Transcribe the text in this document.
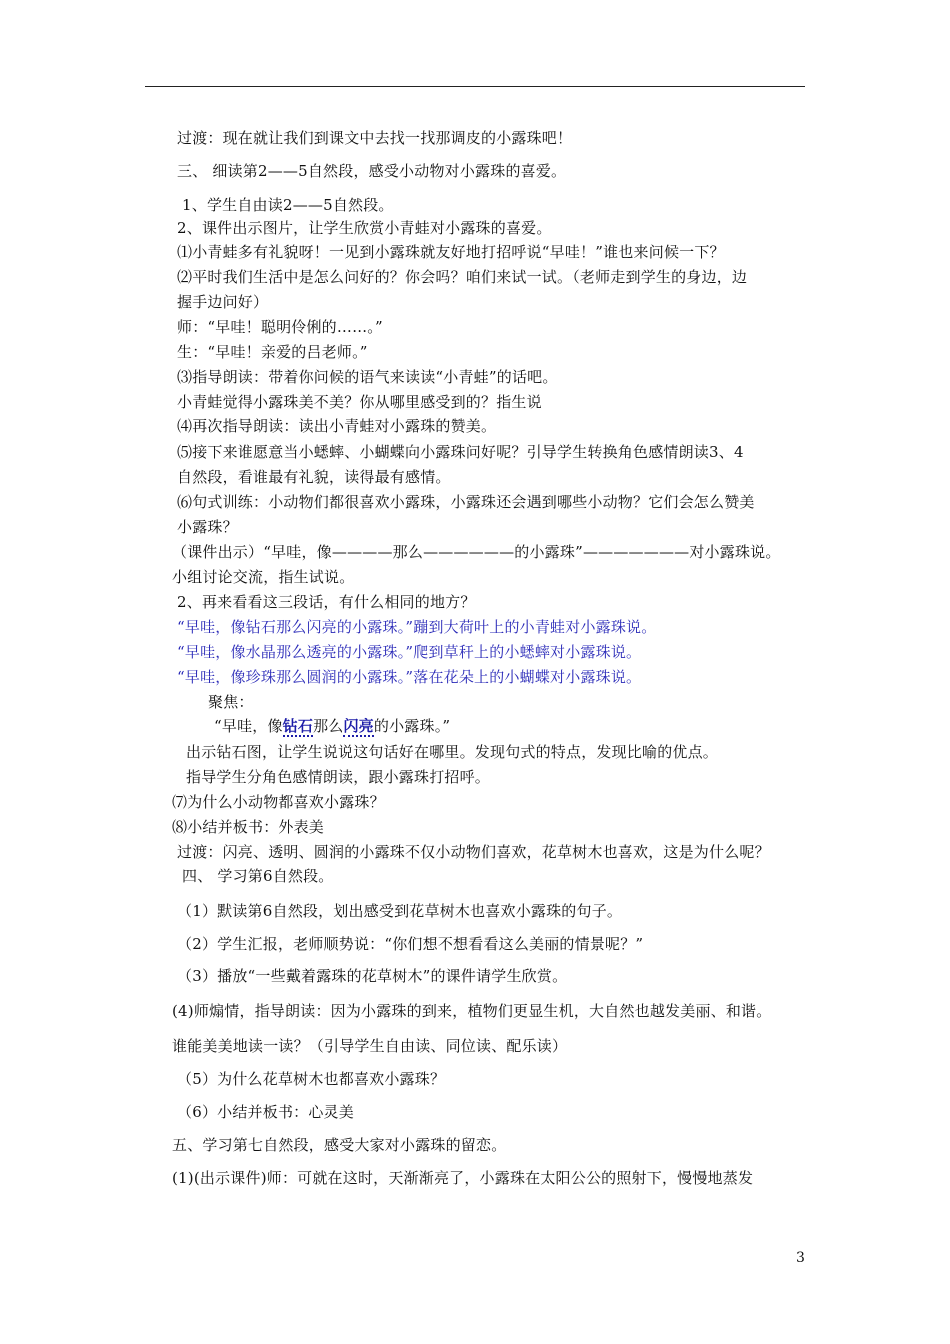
过渡：现在就让我们到课文中去找一找那调皮的小露珠吧！
三、 细读第2——5自然段，感受小动物对小露珠的喜爱。
1、学生自由读2——5自然段。
2、课件出示图片，让学生欣赏小青蛙对小露珠的喜爱。
⑴小青蛙多有礼貌呀！一见到小露珠就友好地打招呼说“早哇！”谁也来问候一下？
⑵平时我们生活中是怎么问好的？你会吗？咱们来试一试。（老师走到学生的身边，边
握手边问好）
师：“早哇！聪明伶俐的……。”
生：“早哇！亲爱的吕老师。”
⑶指导朗读：带着你问候的语气来读读“小青蛙”的话吧。
小青蛙觉得小露珠美不美？你从哪里感受到的？指生说
⑷再次指导朗读：读出小青蛙对小露珠的赞美。
⑸接下来谁愿意当小蟋蟀、小蝴蝶向小露珠问好呢？引导学生转换角色感情朗读3、4
自然段，看谁最有礼貌，读得最有感情。
⑹句式训练：小动物们都很喜欢小露珠，小露珠还会遇到哪些小动物？它们会怎么赞美
小露珠？
（课件出示）“早哇，像————那么——————的小露珠”———————对小露珠说。
小组讨论交流，指生试说。
2、再来看看这三段话，有什么相同的地方？
“早哇，像钻石那么闪亮的小露珠。”蹦到大荷叶上的小青蛙对小露珠说。
“早哇，像水晶那么透亮的小露珠。”爬到草秆上的小蟋蟀对小露珠说。
“早哇，像珍珠那么圆润的小露珠。”落在花朵上的小蝴蝶对小露珠说。
聚焦：
“早哇，像钻石那么闪亮的小露珠。”
出示钻石图，让学生说说这句话好在哪里。发现句式的特点，发现比喻的优点。
指导学生分角色感情朗读，跟小露珠打招呼。
⑺为什么小动物都喜欢小露珠？
⑻小结并板书：外表美
过渡：闪亮、透明、圆润的小露珠不仅小动物们喜欢，花草树木也喜欢，这是为什么呢？
四、 学习第6自然段。
（1）默读第6自然段，划出感受到花草树木也喜欢小露珠的句子。
（2）学生汇报，老师顺势说：“你们想不想看看这么美丽的情景呢？”
（3）播放“一些戴着露珠的花草树木”的课件请学生欣赏。
(4)师煽情，指导朗读：因为小露珠的到来，植物们更显生机，大自然也越发美丽、和谐。
谁能美美地读一读？（引导学生自由读、同位读、配乐读）
（5）为什么花草树木也都喜欢小露珠？
（6）小结并板书：心灵美
五、学习第七自然段，感受大家对小露珠的留恋。
(1)(出示课件)师：可就在这时，天渐渐亮了，小露珠在太阳公公的照射下，慢慢地蒸发
3
